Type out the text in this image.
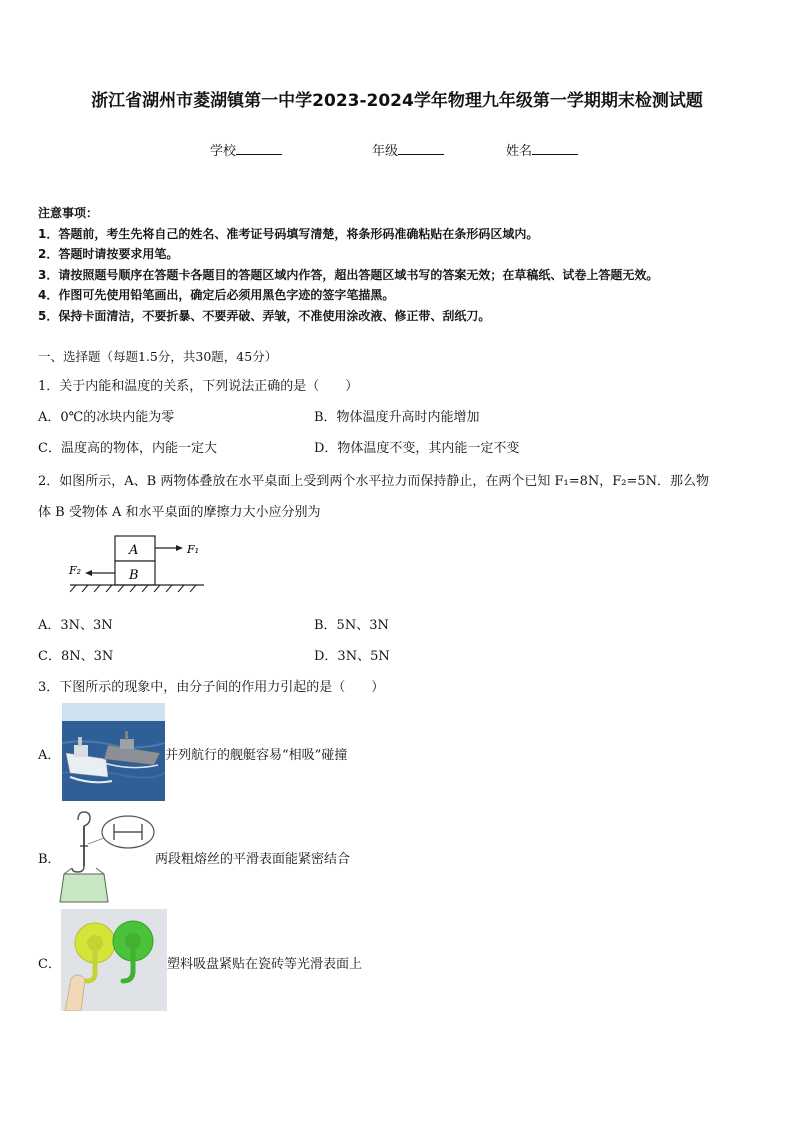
浙江省湖州市菱湖镇第一中学2023-2024学年物理九年级第一学期期末检测试题
学校	年级	姓名
注意事项：
1．答题前，考生先将自己的姓名、准考证号码填写清楚，将条形码准确粘贴在条形码区域内。
2．答题时请按要求用笔。
3．请按照题号顺序在答题卡各题目的答题区域内作答，超出答题区域书写的答案无效；在草稿纸、试卷上答题无效。
4．作图可先使用铅笔画出，确定后必须用黑色字迹的签字笔描黑。
5．保持卡面清洁，不要折暴、不要弄破、弄皱，不准使用涂改液、修正带、刮纸刀。
一、选择题（每题1.5分，共30题，45分）
1．关于内能和温度的关系，下列说法正确的是（　　）
A．0℃的冰块内能为零	B．物体温度升高时内能增加
C．温度高的物体，内能一定大	D．物体温度不变，其内能一定不变
2．如图所示，A、B 两物体叠放在水平桌面上受到两个水平拉力而保持静止，在两个已知 F₁=8N，F₂=5N．那么物
体 B 受物体 A 和水平桌面的摩擦力大小应分别为
A
B
F₁
F₂
A．3N、3N	B．5N、3N
C．8N、3N	D．3N、5N
3．下图所示的现象中，由分子间的作用力引起的是（　　）
A．	并列航行的舰艇容易“相吸”碰撞
B．	两段粗熔丝的平滑表面能紧密结合
C．	塑料吸盘紧贴在瓷砖等光滑表面上
